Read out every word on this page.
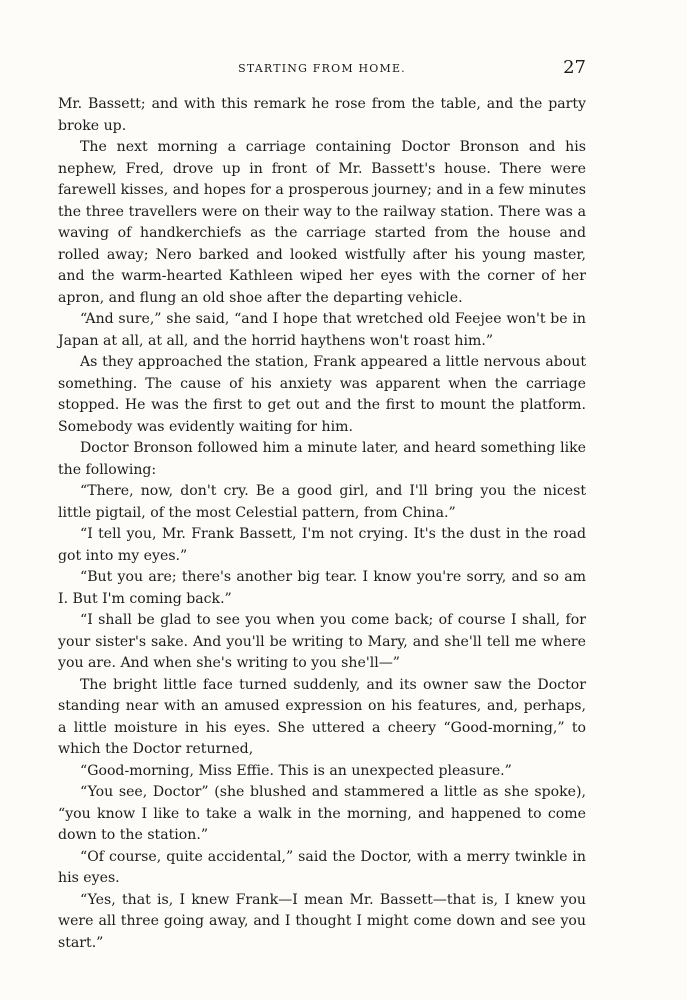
STARTING FROM HOME.	27

Mr. Bassett; and with this remark he rose from the table, and the party broke up.

The next morning a carriage containing Doctor Bronson and his nephew, Fred, drove up in front of Mr. Bassett's house. There were farewell kisses, and hopes for a prosperous journey; and in a few minutes the three travellers were on their way to the railway station. There was a waving of handkerchiefs as the carriage started from the house and rolled away; Nero barked and looked wistfully after his young master, and the warm-hearted Kathleen wiped her eyes with the corner of her apron, and flung an old shoe after the departing vehicle.

“And sure,” she said, “and I hope that wretched old Feejee won't be in Japan at all, at all, and the horrid haythens won't roast him.”

As they approached the station, Frank appeared a little nervous about something. The cause of his anxiety was apparent when the carriage stopped. He was the first to get out and the first to mount the platform. Somebody was evidently waiting for him.

Doctor Bronson followed him a minute later, and heard something like the following:

“There, now, don't cry. Be a good girl, and I'll bring you the nicest little pigtail, of the most Celestial pattern, from China.”

“I tell you, Mr. Frank Bassett, I'm not crying. It's the dust in the road got into my eyes.”

“But you are; there's another big tear. I know you're sorry, and so am I. But I'm coming back.”

“I shall be glad to see you when you come back; of course I shall, for your sister's sake. And you'll be writing to Mary, and she'll tell me where you are. And when she's writing to you she'll—”

The bright little face turned suddenly, and its owner saw the Doctor standing near with an amused expression on his features, and, perhaps, a little moisture in his eyes. She uttered a cheery “Good-morning,” to which the Doctor returned,

“Good-morning, Miss Effie. This is an unexpected pleasure.”

“You see, Doctor” (she blushed and stammered a little as she spoke), “you know I like to take a walk in the morning, and happened to come down to the station.”

“Of course, quite accidental,” said the Doctor, with a merry twinkle in his eyes.

“Yes, that is, I knew Frank—I mean Mr. Bassett—that is, I knew you were all three going away, and I thought I might come down and see you start.”
